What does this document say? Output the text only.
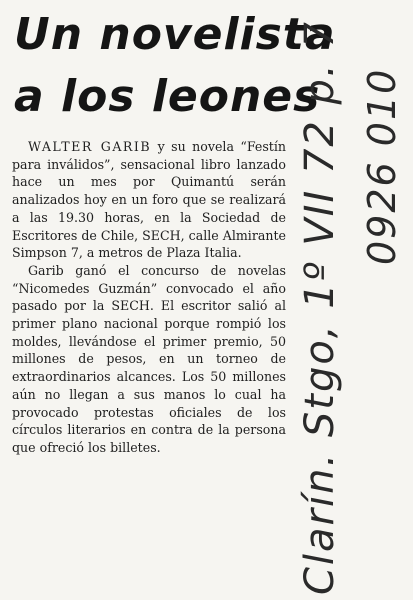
Un novelista
a los leones

WALTER GARIB y su novela “Festín para inválidos”, sensacional libro lanzado hace un mes por Quimantú serán analizados hoy en un foro que se realizará a las 19.30 horas, en la Sociedad de Escritores de Chile, SECH, calle Almirante Simpson 7, a metros de Plaza Italia.

Garib ganó el concurso de novelas “Nicomedes Guzmán” convocado el año pasado por la SECH. El escritor salió al primer plano nacional porque rompió los moldes, llevándose el primer premio, 50 millones de pesos, en un torneo de extraordinarios alcances. Los 50 millones aún no llegan a sus manos lo cual ha provocado protestas oficiales de los círculos literarios en contra de la persona que ofreció los billetes.	Clarín. Stgo, 1º VII 72 p. 7 0926 010
